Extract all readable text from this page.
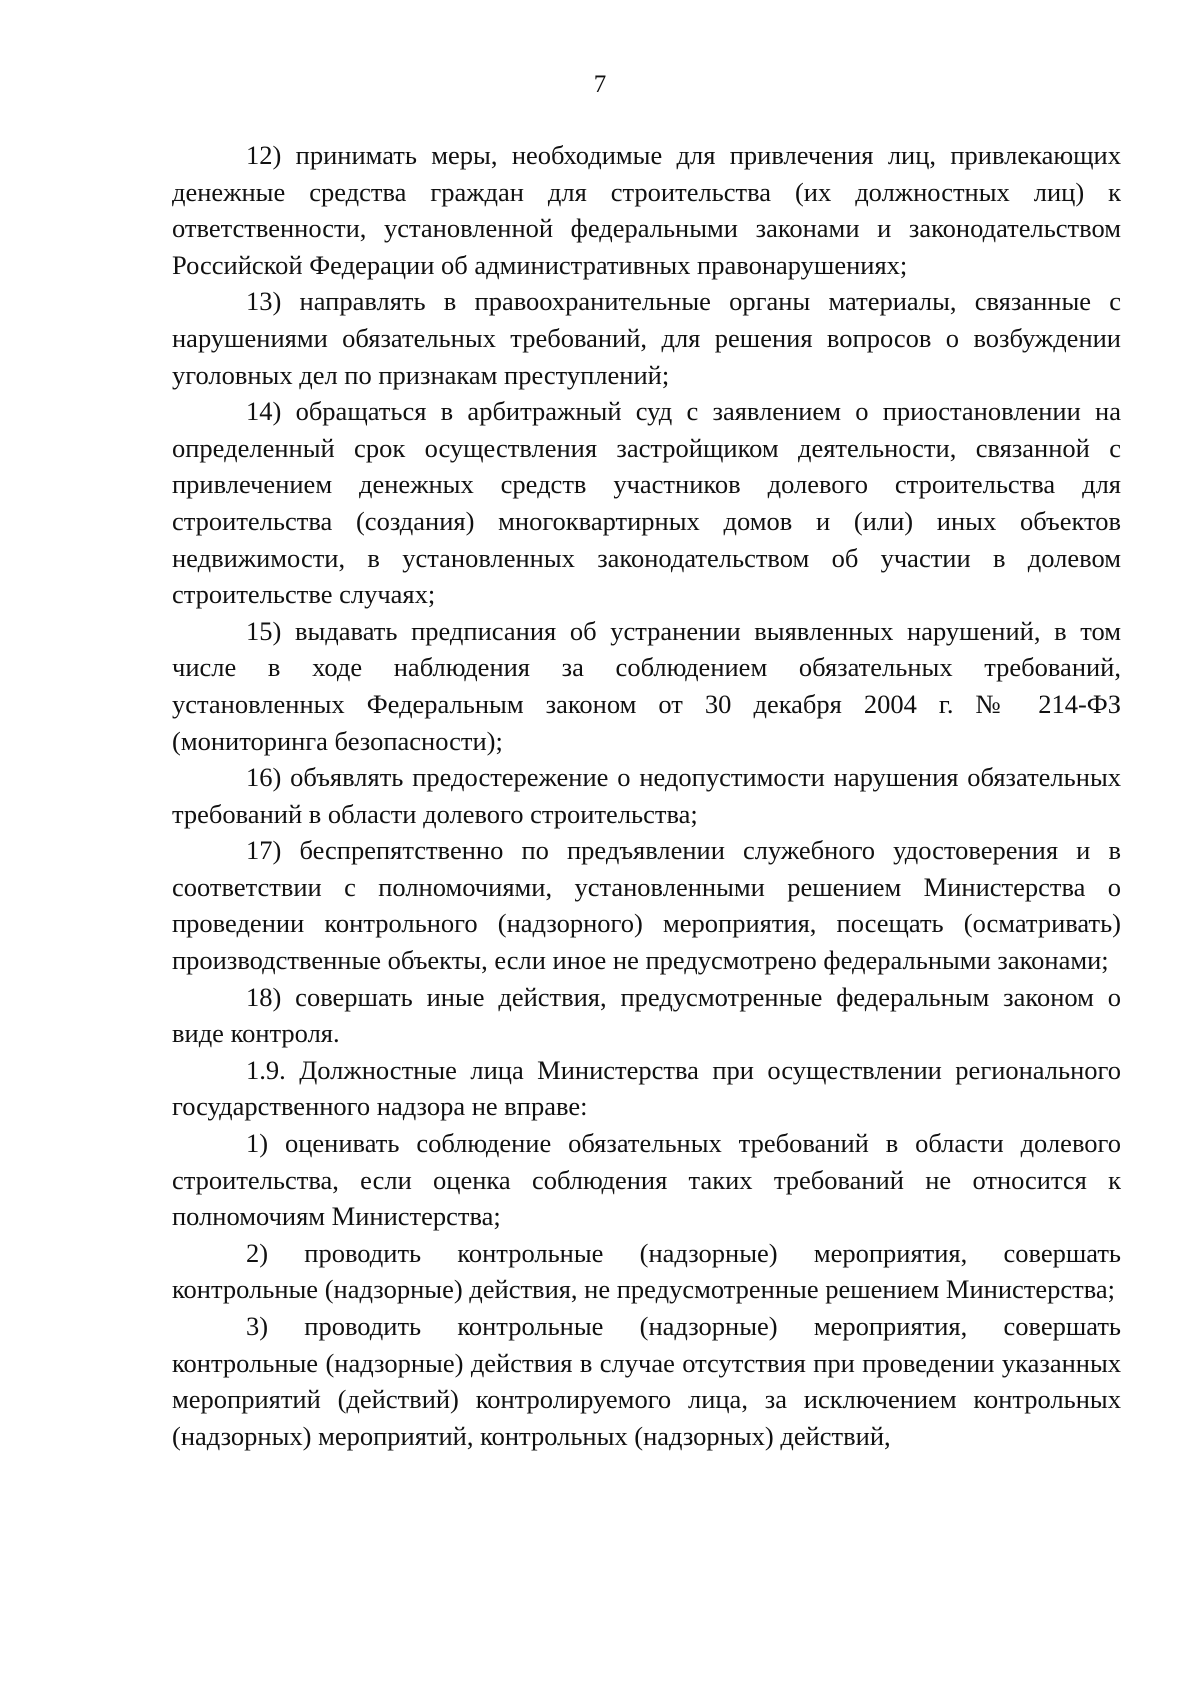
7

12) принимать меры, необходимые для привлечения лиц, привлекающих денежные средства граждан для строительства (их должностных лиц) к ответственности, установленной федеральными законами и законодательством Российской Федерации об административных правонарушениях;

13) направлять в правоохранительные органы материалы, связанные с нарушениями обязательных требований, для решения вопросов о возбуждении уголовных дел по признакам преступлений;

14) обращаться в арбитражный суд с заявлением о приостановлении на определенный срок осуществления застройщиком деятельности, связанной с привлечением денежных средств участников долевого строительства для строительства (создания) многоквартирных домов и (или) иных объектов недвижимости, в установленных законодательством об участии в долевом строительстве случаях;

15) выдавать предписания об устранении выявленных нарушений, в том числе в ходе наблюдения за соблюдением обязательных требований, установленных Федеральным законом от 30 декабря 2004 г. № 214-ФЗ (мониторинга безопасности);

16) объявлять предостережение о недопустимости нарушения обязательных требований в области долевого строительства;

17) беспрепятственно по предъявлении служебного удостоверения и в соответствии с полномочиями, установленными решением Министерства о проведении контрольного (надзорного) мероприятия, посещать (осматривать) производственные объекты, если иное не предусмотрено федеральными законами;

18) совершать иные действия, предусмотренные федеральным законом о виде контроля.

1.9. Должностные лица Министерства при осуществлении регионального государственного надзора не вправе:

1) оценивать соблюдение обязательных требований в области долевого строительства, если оценка соблюдения таких требований не относится к полномочиям Министерства;

2) проводить контрольные (надзорные) мероприятия, совершать контрольные (надзорные) действия, не предусмотренные решением Министерства;

3) проводить контрольные (надзорные) мероприятия, совершать контрольные (надзорные) действия в случае отсутствия при проведении указанных мероприятий (действий) контролируемого лица, за исключением контрольных (надзорных) мероприятий, контрольных (надзорных) действий,
